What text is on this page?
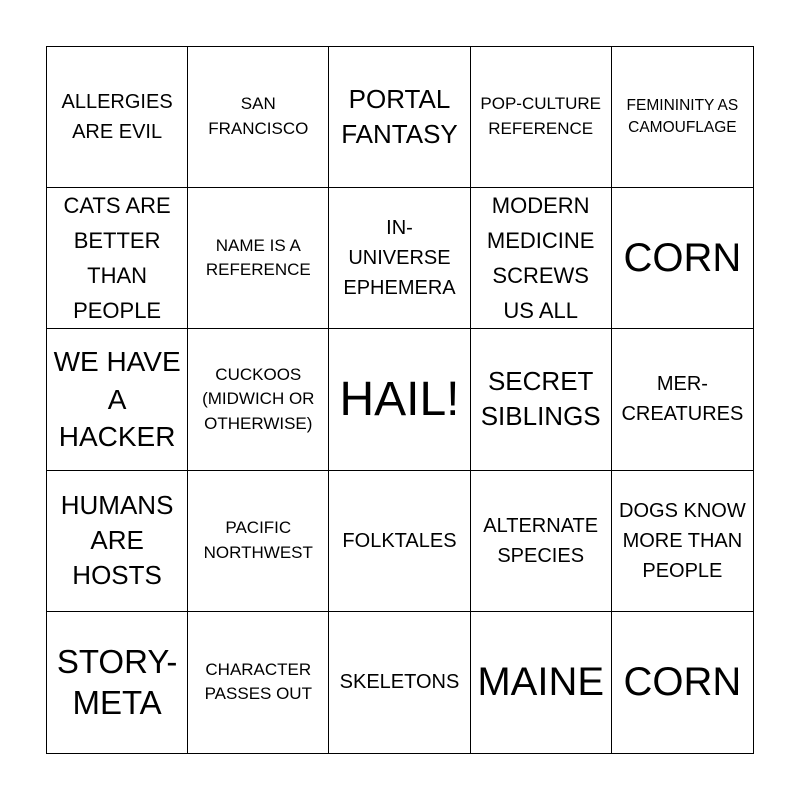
ALLERGIES ARE EVIL
SAN FRANCISCO
PORTAL FANTASY
POP-CULTURE REFERENCE
FEMININITY AS CAMOUFLAGE
CATS ARE BETTER THAN PEOPLE
NAME IS A REFERENCE
IN-UNIVERSE EPHEMERA
MODERN MEDICINE SCREWS US ALL
CORN
WE HAVE A HACKER
CUCKOOS (MIDWICH OR OTHERWISE) HAIL!	SECRET SIBLINGS
MER-CREATURES
HUMANS ARE HOSTS
PACIFIC NORTHWEST
FOLKTALES
ALTERNATE SPECIES
DOGS KNOW MORE THAN PEOPLE
STORY-META
CHARACTER PASSES OUT
SKELETONS MAINE CORN
